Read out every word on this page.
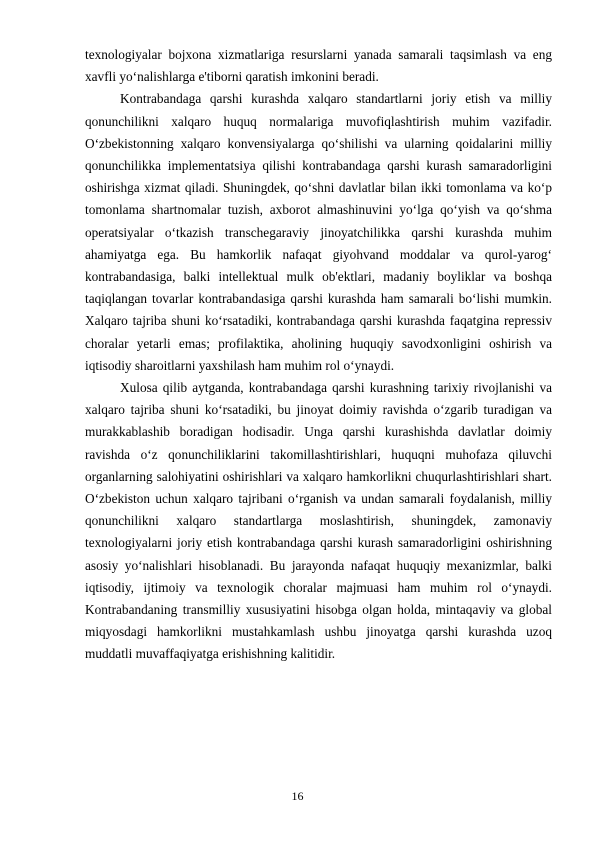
texnologiyalar bojxona xizmatlariga resurslarni yanada samarali taqsimlash va eng xavfli yoʻnalishlarga e'tiborni qaratish imkonini beradi.

Kontrabandaga qarshi kurashda xalqaro standartlarni joriy etish va milliy qonunchilikni xalqaro huquq normalariga muvofiqlashtirish muhim vazifadir. Oʻzbekistonning xalqaro konvensiyalarga qoʻshilishi va ularning qoidalarini milliy qonunchilikka implementatsiya qilishi kontrabandaga qarshi kurash samaradorligini oshirishga xizmat qiladi. Shuningdek, qoʻshni davlatlar bilan ikki tomonlama va koʻp tomonlama shartnomalar tuzish, axborot almashinuvini yoʻlga qoʻyish va qoʻshma operatsiyalar oʻtkazish transchegaraviy jinoyatchilikka qarshi kurashda muhim ahamiyatga ega. Bu hamkorlik nafaqat giyohvand moddalar va qurol-yarogʻ kontrabandasiga, balki intellektual mulk ob'ektlari, madaniy boyliklar va boshqa taqiqlangan tovarlar kontrabandasiga qarshi kurashda ham samarali boʻlishi mumkin. Xalqaro tajriba shuni koʻrsatadiki, kontrabandaga qarshi kurashda faqatgina repressiv choralar yetarli emas; profilaktika, aholining huquqiy savodxonligini oshirish va iqtisodiy sharoitlarni yaxshilash ham muhim rol oʻynaydi.

Xulosa qilib aytganda, kontrabandaga qarshi kurashning tarixiy rivojlanishi va xalqaro tajriba shuni koʻrsatadiki, bu jinoyat doimiy ravishda oʻzgarib turadigan va murakkablashib boradigan hodisadir. Unga qarshi kurashishda davlatlar doimiy ravishda oʻz qonunchiliklarini takomillashtirishlari, huquqni muhofaza qiluvchi organlarning salohiyatini oshirishlari va xalqaro hamkorlikni chuqurlashtirishlari shart. Oʻzbekiston uchun xalqaro tajribani oʻrganish va undan samarali foydalanish, milliy qonunchilikni xalqaro standartlarga moslashtirish, shuningdek, zamonaviy texnologiyalarni joriy etish kontrabandaga qarshi kurash samaradorligini oshirishning asosiy yoʻnalishlari hisoblanadi. Bu jarayonda nafaqat huquqiy mexanizmlar, balki iqtisodiy, ijtimoiy va texnologik choralar majmuasi ham muhim rol oʻynaydi. Kontrabandaning transmilliy xususiyatini hisobga olgan holda, mintaqaviy va global miqyosdagi hamkorlikni mustahkamlash ushbu jinoyatga qarshi kurashda uzoq muddatli muvaffaqiyatga erishishning kalitidir.

16
